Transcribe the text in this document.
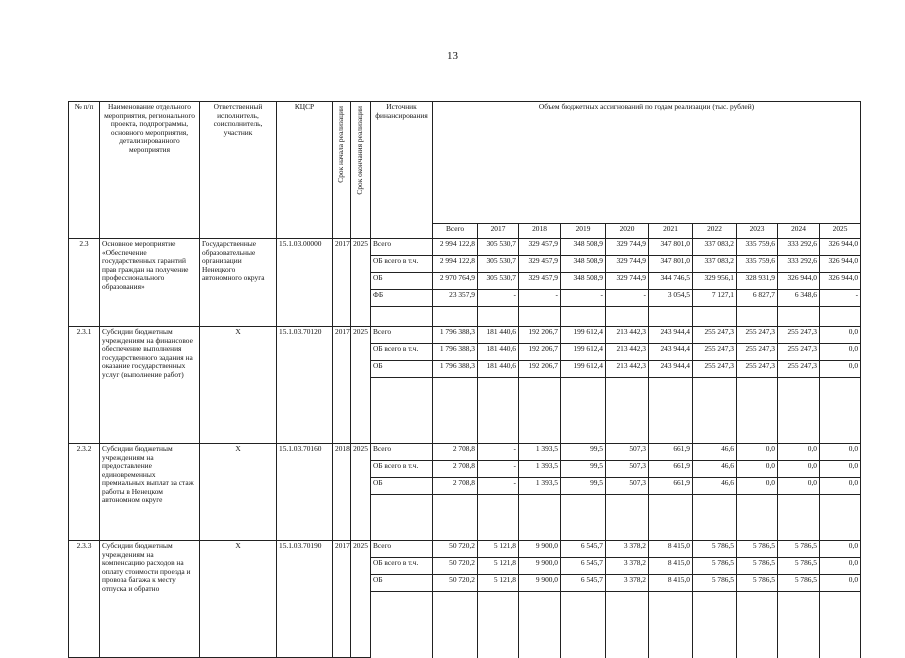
13
№ п/п	Наименование отдельного мероприятия, регионального проекта, подпрограммы, основного мероприятия, детализированного мероприятия	Ответственный исполнитель, соисполнитель, участник	КЦСР	Срок начала реализации	Срок окончания реализации	Источник финансирования	Объем бюджетных ассигнований по годам реализации (тыс. рублей)									
							Всего	2017	2018	2019	2020	2021	2022	2023	2024	2025
2.3	Основное мероприятие «Обеспечение государственных гарантий прав граждан на получение профессионального образования»	Государственные образовательные организации Ненецкого автономного округа	15.1.03.00000	2017	2025	Всего	2 994 122,8	305 530,7	329 457,9	348 508,9	329 744,9	347 801,0	337 083,2	335 759,6	333 292,6	326 944,0
						ОБ всего в т.ч.	2 994 122,8	305 530,7	329 457,9	348 508,9	329 744,9	347 801,0	337 083,2	335 759,6	333 292,6	326 944,0
						ОБ	2 970 764,9	305 530,7	329 457,9	348 508,9	329 744,9	344 746,5	329 956,1	328 931,9	326 944,0	326 944,0
						ФБ	23 357,9	-	-	-	-	3 054,5	7 127,1	6 827,7	6 348,6	-

2.3.1	Субсидии бюджетным учреждениям на финансовое обеспечение выполнения государственного задания на оказание государственных услуг (выполнение работ)	X	15.1.03.70120	2017	2025	Всего	1 796 388,3	181 440,6	192 206,7	199 612,4	213 442,3	243 944,4	255 247,3	255 247,3	255 247,3	0,0
						ОБ всего в т.ч.	1 796 388,3	181 440,6	192 206,7	199 612,4	213 442,3	243 944,4	255 247,3	255 247,3	255 247,3	0,0
						ОБ	1 796 388,3	181 440,6	192 206,7	199 612,4	213 442,3	243 944,4	255 247,3	255 247,3	255 247,3	0,0

2.3.2	Субсидии бюджетным учреждениям на предоставление единовременных премиальных выплат за стаж работы в Ненецком автономном округе	X	15.1.03.70160	2018	2025	Всего	2 708,8	-	1 393,5	99,5	507,3	661,9	46,6	0,0	0,0	0,0
						ОБ всего в т.ч.	2 708,8	-	1 393,5	99,5	507,3	661,9	46,6	0,0	0,0	0,0
						ОБ	2 708,8	-	1 393,5	99,5	507,3	661,9	46,6	0,0	0,0	0,0

2.3.3	Субсидии бюджетным учреждениям на компенсацию расходов на оплату стоимости проезда и провоза багажа к месту отпуска и обратно	X	15.1.03.70190	2017	2025	Всего	50 720,2	5 121,8	9 900,0	6 545,7	3 378,2	8 415,0	5 786,5	5 786,5	5 786,5	0,0
						ОБ всего в т.ч.	50 720,2	5 121,8	9 900,0	6 545,7	3 378,2	8 415,0	5 786,5	5 786,5	5 786,5	0,0
						ОБ	50 720,2	5 121,8	9 900,0	6 545,7	3 378,2	8 415,0	5 786,5	5 786,5	5 786,5	0,0
